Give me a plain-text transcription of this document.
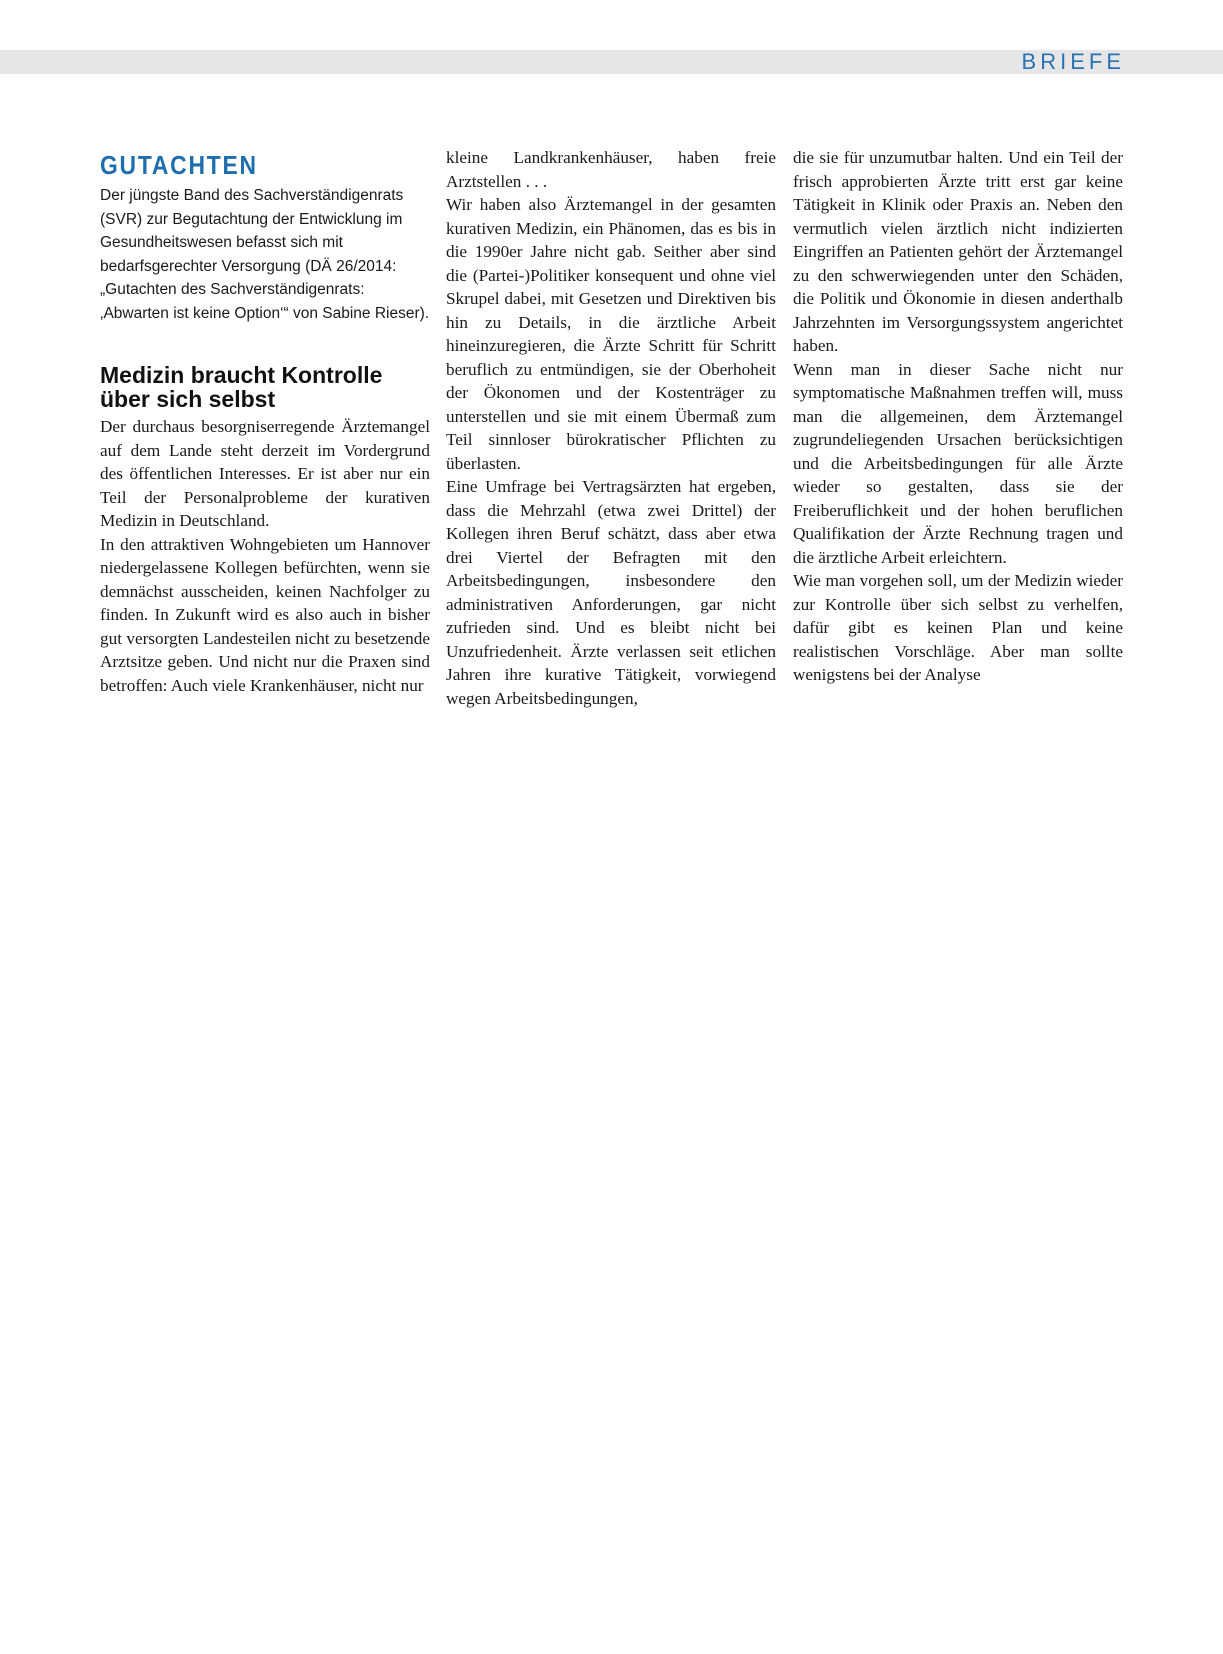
BRIEFE
GUTACHTEN

Der jüngste Band des Sachverständigenrats (SVR) zur Begutachtung der Entwicklung im Gesundheitswesen befasst sich mit bedarfsgerechter Versorgung (DÄ 26/2014: „Gutachten des Sachverständigenrats: ‚Abwarten ist keine Option‘“ von Sabine Rieser).

Medizin braucht Kontrolle
über sich selbst

Der durchaus besorgniserregende Ärztemangel auf dem Lande steht derzeit im Vordergrund des öffentlichen Interesses. Er ist aber nur ein Teil der Personalprobleme der kurativen Medizin in Deutschland.

In den attraktiven Wohngebieten um Hannover niedergelassene Kollegen befürchten, wenn sie demnächst ausscheiden, keinen Nachfolger zu finden. In Zukunft wird es also auch in bisher gut versorgten Landesteilen nicht zu besetzende Arztsitze geben. Und nicht nur die Praxen sind betroffen: Auch viele Krankenhäuser, nicht nur

kleine Landkrankenhäuser, haben freie Arztstellen . . .

Wir haben also Ärztemangel in der gesamten kurativen Medizin, ein Phänomen, das es bis in die 1990er Jahre nicht gab. Seither aber sind die (Partei-)Politiker konsequent und ohne viel Skrupel dabei, mit Gesetzen und Direktiven bis hin zu Details, in die ärztliche Arbeit hineinzuregieren, die Ärzte Schritt für Schritt beruflich zu entmündigen, sie der Oberhoheit der Ökonomen und der Kostenträger zu unterstellen und sie mit einem Übermaß zum Teil sinnloser bürokratischer Pflichten zu überlasten.

Eine Umfrage bei Vertragsärzten hat ergeben, dass die Mehrzahl (etwa zwei Drittel) der Kollegen ihren Beruf schätzt, dass aber etwa drei Viertel der Befragten mit den Arbeitsbedingungen, insbesondere den administrativen Anforderungen, gar nicht zufrieden sind. Und es bleibt nicht bei Unzufriedenheit. Ärzte verlassen seit etlichen Jahren ihre kurative Tätigkeit, vorwiegend wegen Arbeitsbedingungen,

die sie für unzumutbar halten. Und ein Teil der frisch approbierten Ärzte tritt erst gar keine Tätigkeit in Klinik oder Praxis an. Neben den vermutlich vielen ärztlich nicht indizierten Eingriffen an Patienten gehört der Ärztemangel zu den schwerwiegenden unter den Schäden, die Politik und Ökonomie in diesen anderthalb Jahrzehnten im Versorgungssystem angerichtet haben.

Wenn man in dieser Sache nicht nur symptomatische Maßnahmen treffen will, muss man die allgemeinen, dem Ärztemangel zugrundeliegenden Ursachen berücksichtigen und die Arbeitsbedingungen für alle Ärzte wieder so gestalten, dass sie der Freiberuflichkeit und der hohen beruflichen Qualifikation der Ärzte Rechnung tragen und die ärztliche Arbeit erleichtern.

Wie man vorgehen soll, um der Medizin wieder zur Kontrolle über sich selbst zu verhelfen, dafür gibt es keinen Plan und keine realistischen Vorschläge. Aber man sollte wenigstens bei der Analyse
